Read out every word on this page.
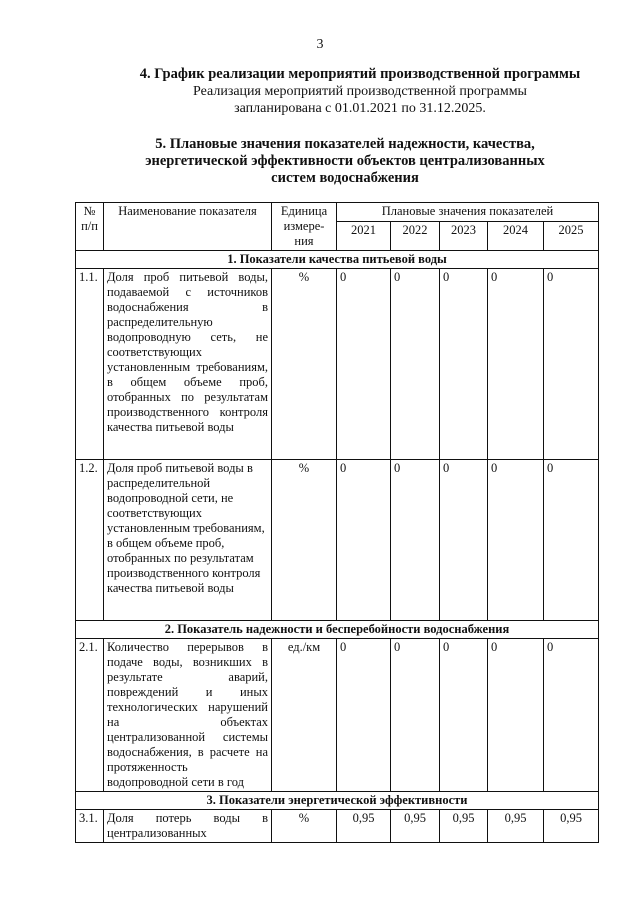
3
4. График реализации мероприятий производственной программы
Реализация мероприятий производственной программы
запланирована с 01.01.2021 по 31.12.2025.
5. Плановые значения показателей надежности, качества,
энергетической эффективности объектов централизованных
систем водоснабжения
№ п/п	Наименование показателя	Единица измере-ния	Плановые значения показателей				
			2021	2022	2023	2024	2025
1. Показатели качества питьевой воды							
1.1.	Доля проб питьевой воды, подаваемой с источников водоснабжения в распределительную водопроводную сеть, не соответствующих установленным требованиям, в общем объеме проб, отобранных по результатам производственного контроля качества питьевой воды	%	0	0	0	0	0
1.2.	Доля проб питьевой воды в распределительной водопроводной сети, не соответствующих установленным требованиям, в общем объеме проб, отобранных по результатам производственного контроля качества питьевой воды	%	0	0	0	0	0
2. Показатель надежности и бесперебойности водоснабжения							
2.1.	Количество перерывов в подаче воды, возникших в результате аварий, повреждений и иных технологических нарушений на объектах централизованной системы водоснабжения, в расчете на протяженность водопроводной сети в год	ед./км	0	0	0	0	0
3. Показатели энергетической эффективности							
3.1.	Доля потерь воды в централизованных	%	0,95	0,95	0,95	0,95	0,95
